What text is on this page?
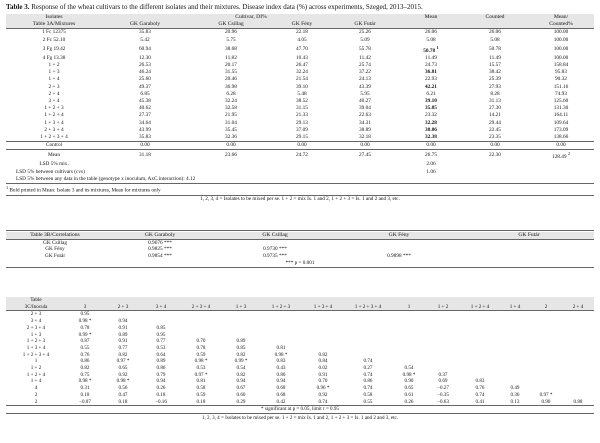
Table 3. Response of the wheat cultivars to the different isolates and their mixtures. Disease index data (%) across experiments, Szeged, 2013–2015.
Isolates	Cultivar, DI%				Mean	Counted	Mean/
Table 3A/Mixtures	GK Garaboly	GK Csillag	GK Fény	GK Futár			Counted%
1 Fc 12375	35.83	20.96	22.18	25.26	26.06	26.06	100.00
2 Fc 52.10	5.42	5.75	4.05	5.09	5.08	5.08	100.00
3 Fg 19.42	60.94	38.68	47.70	55.78	50.78 $^1$	50.78	100.00
4 Fg 13.38	12.30	11.82	10.43	11.42	11.49	11.49	100.00
1 + 2	26.53	20.17	26.47	25.74	24.73	15.57	158.84
1 + 3	46.24	31.55	32.24	37.22	36.81	38.42	95.83
1 + 4	25.60	20.46	21.54	24.13	22.93	25.39	90.32
2 + 3	49.37	36.98	39.10	43.39	42.21	27.93	151.16
2 + 4	6.85	6.28	5.48	5.95	6.21	8.28	74.93
3 + 4	45.38	32.24	38.52	40.27	39.10	31.13	125.60
1 + 2 + 3	40.62	32.58	31.15	39.04	35.85	27.30	131.30
1 + 2 + 4	27.37	21.95	21.33	22.63	23.32	14.21	164.11
1 + 3 + 4	34.64	31.04	29.13	34.31	32.28	29.44	109.64
2 + 3 + 4	43.99	35.45	37.09	38.89	38.86	22.45	173.09
1 + 2 + 3 + 4	35.83	32.36	29.15	32.18	32.38	23.35	138.66
Control	0.00	0.00	0.00	0.00	0.00	0.00	0.00
Mean	31.18	23.66	24.72	27.45	26.75	22.30	128.49 $^2$
LSD 5% mix.					2.06		
LSD 5% between cultivars (cvs)					1.06		
LSD 5% between any data in the table (genotype x inoculum, AxC interaction): 4.12							
$^1$ Bold printed in Mean: Isolate 3 and its mixtures, Mean for mixtures only							
1, 2, 3, 4 = Isolates to be mixed per se. 1 + 2 = mix Is. 1 and 2, 1 + 2 + 3 = Is. 1 and 2 and 3, etc.							
Table 3B/Correlations	GK Garaboly	GK Csillag	GK Fény	GK Futár
GK Csillag	0.9676 ***			
GK Fény	0.9825 ***	0.9730 ***		
GK Futár	0.9854 ***	0.9735 ***	0.9898 ***	
*** p = 0.001				
Table														
3C/Inocula	3	2 + 3	3 + 4	2 + 3 + 4	1 + 3	1 + 2 + 3	1 + 3 + 4	1 + 2 + 3 + 4	1	1 + 2	1 + 2 + 4	1 + 4	2	2 + 4
2 + 3	0.95													
3 + 4	0.98 *	0.94												
2 + 3 + 4	0.78	0.91	0.85											
1 + 3	0.99 *	0.89	0.95											
1 + 2 + 3	0.87	0.91	0.77	0.70	0.89									
1 + 3 + 4	0.55	0.77	0.53	0.78	0.85	0.81								
1 + 2 + 3 + 4	0.76	0.82	0.64	0.59	0.82	0.98 *	0.82							
1	0.86	0.97 *	0.89	0.98 *	0.99 *	0.83	0.84	0.74						
1 + 2	0.82	0.65	0.86	0.53	0.54	0.43	0.02	0.27	0.54					
1 + 2 + 4	0.75	0.92	0.79	0.97 *	0.82	0.80	0.91	0.74	0.98 *	0.37				
1 + 4	0.98 *	0.98 *	0.94	0.81	0.94	0.94	0.70	0.86	0.90	0.69	0.83			
4	0.31	0.56	0.26	0.58	0.67	0.68	0.96 *	0.74	0.65	−0.27	0.76	0.49		
2	0.18	0.47	0.18	0.59	0.60	0.68	0.92	0.58	0.61	−0.35	0.74	0.36	0.97 *	
2	−0.07	0.18	−0.16	0.18	0.29	0.42	0.74	0.55	0.26	−0.63	0.41	0.13	0.90	0.88
* significant at p = 0.05, limit r = 0.95														
1, 2, 3, 4 = Isolates to be mixed per se. 1 + 2 = mix Is. 1 and 2, 1 + 2 + 3 = Is. 1 and 2 and 3, etc.														
